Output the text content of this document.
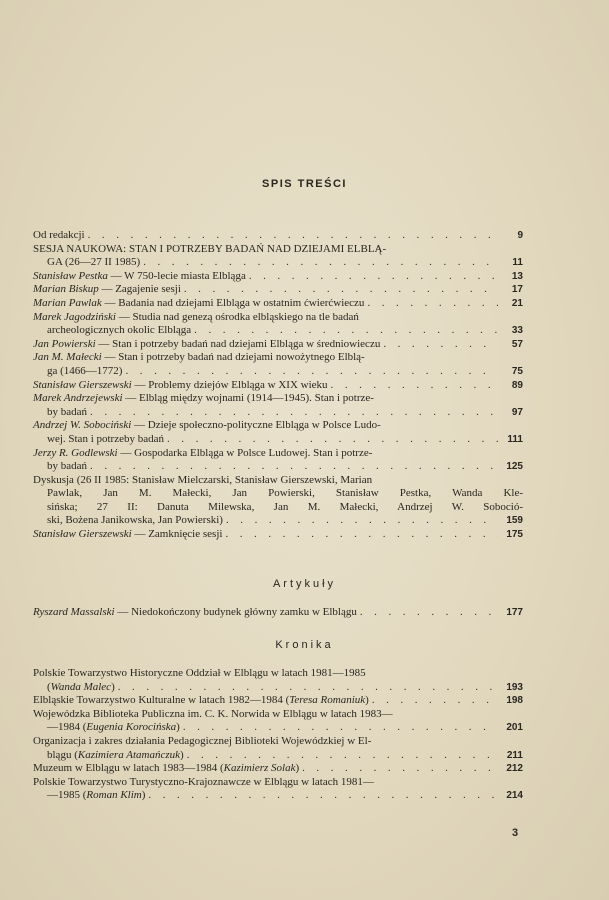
SPIS TREŚCI
Od redakcji . . .	9
SESJA NAUKOWA: STAN I POTRZEBY BADAŃ NAD DZIEJAMI ELBLĄ-
GA (26—27 II 1985) . . .	11
Stanisław Pestka — W 750-lecie miasta Elbląga . . .	13
Marian Biskup — Zagajenie sesji . . .	17
Marian Pawlak — Badania nad dziejami Elbląga w ostatnim ćwierćwieczu . . .	21
Marek Jagodziński — Studia nad genezą ośrodka elbląskiego na tle badań
archeologicznych okolic Elbląga . . .	33
Jan Powierski — Stan i potrzeby badań nad dziejami Elbląga w średniowieczu . . .	57
Jan M. Małecki — Stan i potrzeby badań nad dziejami nowożytnego Elblą-
ga (1466—1772) . . .	75
Stanisław Gierszewski — Problemy dziejów Elbląga w XIX wieku . . .	89
Marek Andrzejewski — Elbląg między wojnami (1914—1945). Stan i potrze-
by badań . . .	97
Andrzej W. Sobociński — Dzieje społeczno-polityczne Elbląga w Polsce Ludo-
wej. Stan i potrzeby badań . . .	111
Jerzy R. Godlewski — Gospodarka Elbląga w Polsce Ludowej. Stan i potrze-
by badań . . .	125
Dyskusja (26 II 1985: Stanisław Mielczarski, Stanisław Gierszewski, Marian
Pawlak, Jan M. Małecki, Jan Powierski, Stanisław Pestka, Wanda Kle-
sińska; 27 II: Danuta Milewska, Jan M. Małecki, Andrzej W. Soboció-
ski, Bożena Janikowska, Jan Powierski) . . .	159
Stanisław Gierszewski — Zamknięcie sesji . . .	175
Artykuły
Ryszard Massalski — Niedokończony budynek główny zamku w Elblągu . . .	177
Kronika
Polskie Towarzystwo Historyczne Oddział w Elblągu w latach 1981—1985
(Wanda Malec) . . .	193
Elbląskie Towarzystwo Kulturalne w latach 1982—1984 (Teresa Romaniuk) . . .	198
Wojewódzka Biblioteka Publiczna im. C. K. Norwida w Elblągu w latach 1983—
—1984 (Eugenia Korocińska) . . .	201
Organizacja i zakres działania Pedagogicznej Biblioteki Wojewódzkiej w El-
blągu (Kazimiera Atamańczuk) . . .	211
Muzeum w Elblągu w latach 1983—1984 (Kazimierz Solak) . . .	212
Polskie Towarzystwo Turystyczno-Krajoznawcze w Elblągu w latach 1981—
—1985 (Roman Klim) . . .	214
3
